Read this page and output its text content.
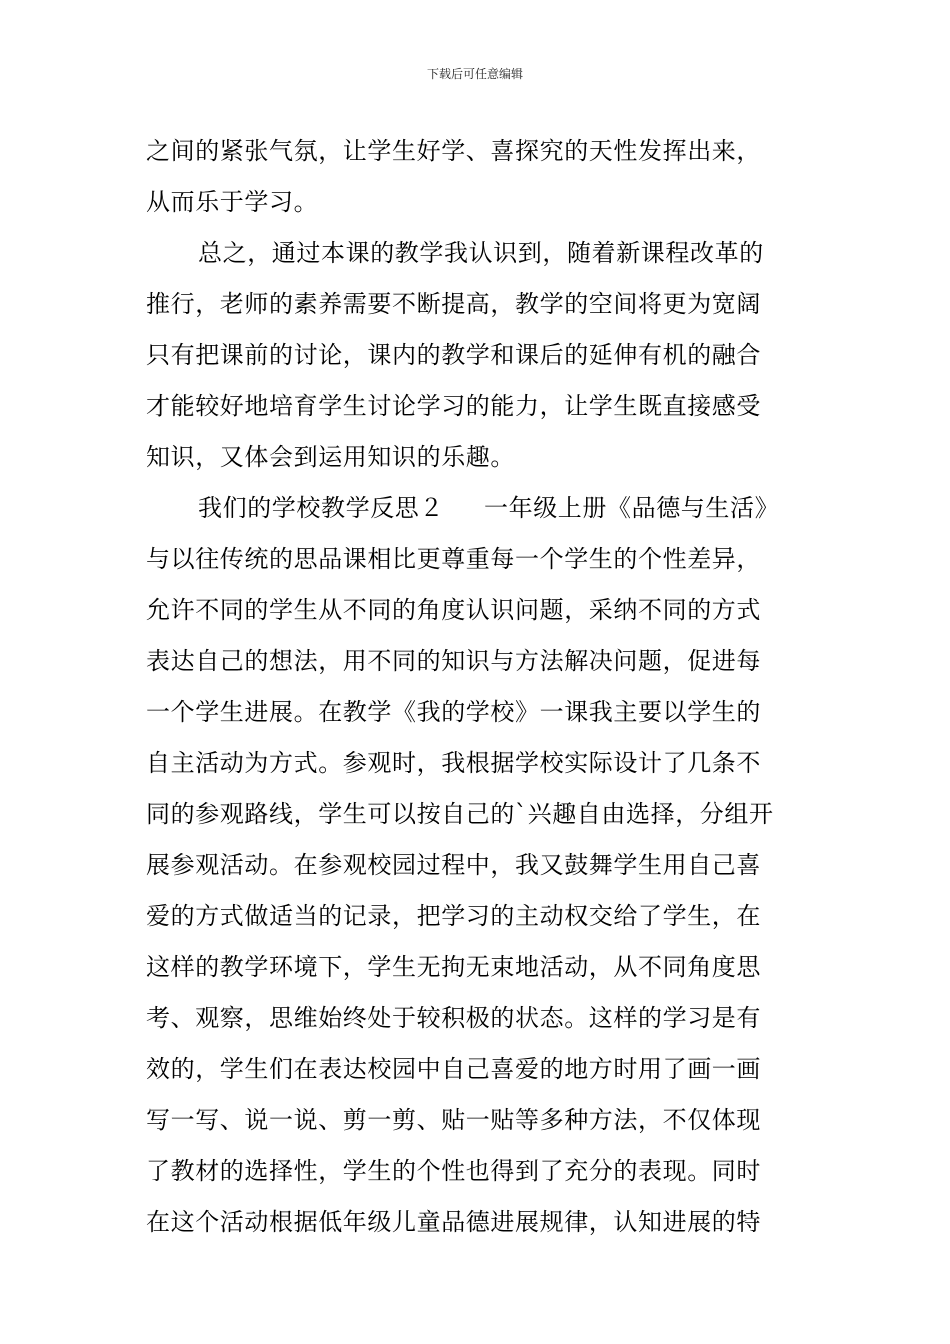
下载后可任意编辑
之间的紧张气氛，让学生好学、喜探究的天性发挥出来，
从而乐于学习。
总之，通过本课的教学我认识到，随着新课程改革的
推行，老师的素养需要不断提高，教学的空间将更为宽阔
只有把课前的讨论，课内的教学和课后的延伸有机的融合
才能较好地培育学生讨论学习的能力，让学生既直接感受
知识，又体会到运用知识的乐趣。
我们的学校教学反思２ 一年级上册《品德与生活》
与以往传统的思品课相比更尊重每一个学生的个性差异，
允许不同的学生从不同的角度认识问题，采纳不同的方式
表达自己的想法，用不同的知识与方法解决问题，促进每
一个学生进展。在教学《我的学校》一课我主要以学生的
自主活动为方式。参观时，我根据学校实际设计了几条不
同的参观路线，学生可以按自己的`兴趣自由选择，分组开
展参观活动。在参观校园过程中，我又鼓舞学生用自己喜
爱的方式做适当的记录，把学习的主动权交给了学生，在
这样的教学环境下，学生无拘无束地活动，从不同角度思
考、观察，思维始终处于较积极的状态。这样的学习是有
效的，学生们在表达校园中自己喜爱的地方时用了画一画
写一写、说一说、剪一剪、贴一贴等多种方法，不仅体现
了教材的选择性，学生的个性也得到了充分的表现。同时
在这个活动根据低年级儿童品德进展规律，认知进展的特
